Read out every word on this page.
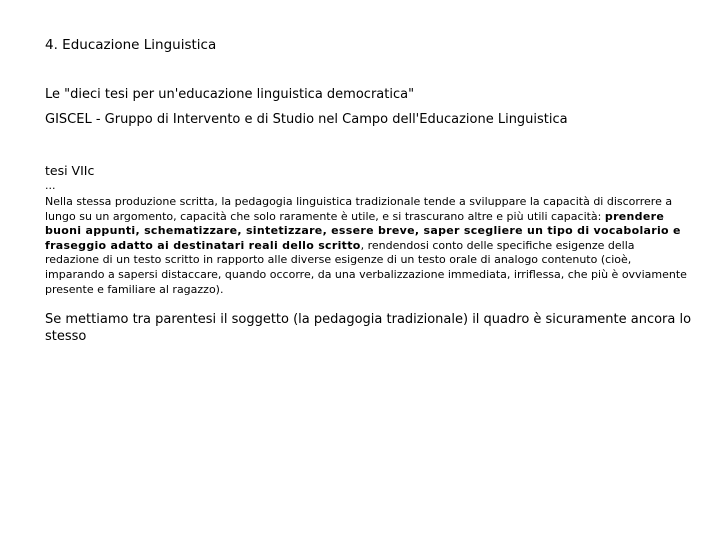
4. Educazione Linguistica
Le "dieci tesi per un'educazione linguistica democratica"
GISCEL - Gruppo di Intervento e di Studio nel Campo dell'Educazione Linguistica
tesi VIIc
...
Nella stessa produzione scritta, la pedagogia linguistica tradizionale tende a sviluppare la capacità di discorrere a lungo su un argomento, capacità che solo raramente è utile, e si trascurano altre e più utili capacità: prendere buoni appunti, schematizzare, sintetizzare, essere breve, saper scegliere un tipo di vocabolario e fraseggio adatto ai destinatari reali dello scritto, rendendosi conto delle specifiche esigenze della redazione di un testo scritto in rapporto alle diverse esigenze di un testo orale di analogo contenuto (cioè, imparando a sapersi distaccare, quando occorre, da una verbalizzazione immediata, irriflessa, che più è ovviamente presente e familiare al ragazzo).
Se mettiamo tra parentesi il soggetto (la pedagogia tradizionale) il quadro è sicuramente ancora lo stesso
